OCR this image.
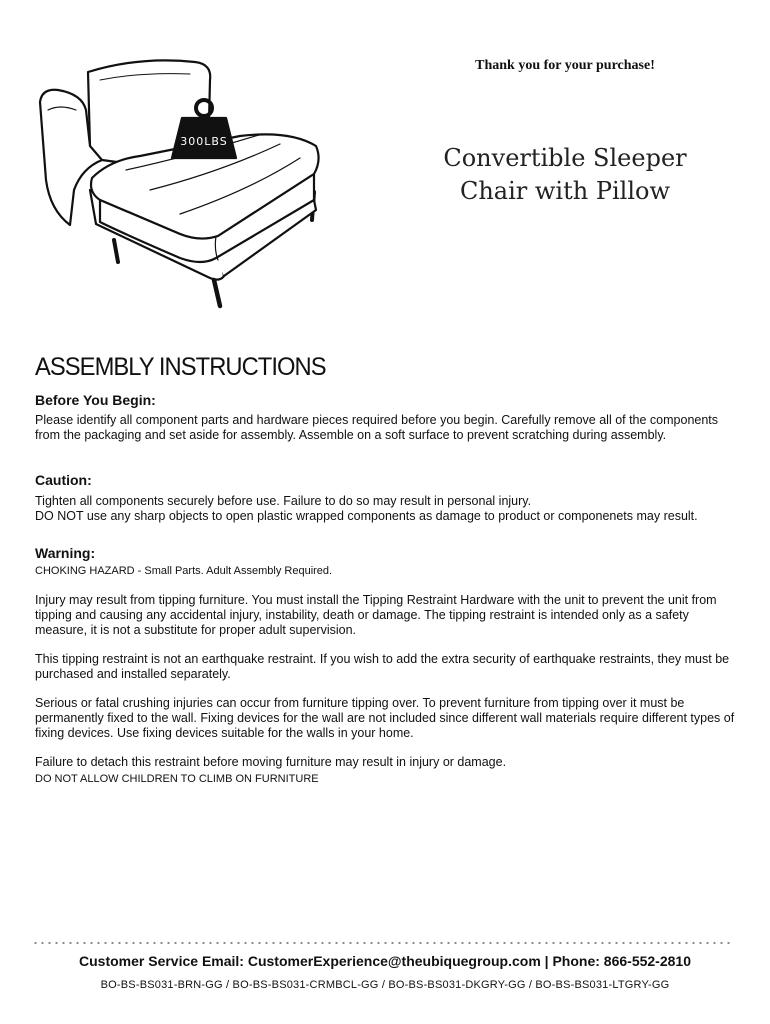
Thank you for your purchase!
Convertible Sleeper
Chair with Pillow
300LBS
ASSEMBLY INSTRUCTIONS
Before You Begin:

Please identify all component parts and hardware pieces required before you begin. Carefully remove all of the components from the packaging and set aside for assembly. Assemble on a soft surface to prevent scratching during assembly.

Caution:

Tighten all components securely before use. Failure to do so may result in personal injury.

DO NOT use any sharp objects to open plastic wrapped components as damage to product or componenets may result.

Warning:

CHOKING HAZARD - Small Parts. Adult Assembly Required.

Injury may result from tipping furniture. You must install the Tipping Restraint Hardware with the unit to prevent the unit from tipping and causing any accidental injury, instability, death or damage. The tipping restraint is intended only as a safety measure, it is not a substitute for proper adult supervision.

This tipping restraint is not an earthquake restraint. If you wish to add the extra security of earthquake restraints, they must be purchased and installed separately.

Serious or fatal crushing injuries can occur from furniture tipping over. To prevent furniture from tipping over it must be permanently fixed to the wall. Fixing devices for the wall are not included since different wall materials require different types of fixing devices. Use fixing devices suitable for the walls in your home.

Failure to detach this restraint before moving furniture may result in injury or damage.

DO NOT ALLOW CHILDREN TO CLIMB ON FURNITURE

Customer Service Email: CustomerExperience@theubiquegroup.com | Phone: 866-552-2810
BO-BS-BS031-BRN-GG / BO-BS-BS031-CRMBCL-GG / BO-BS-BS031-DKGRY-GG / BO-BS-BS031-LTGRY-GG
